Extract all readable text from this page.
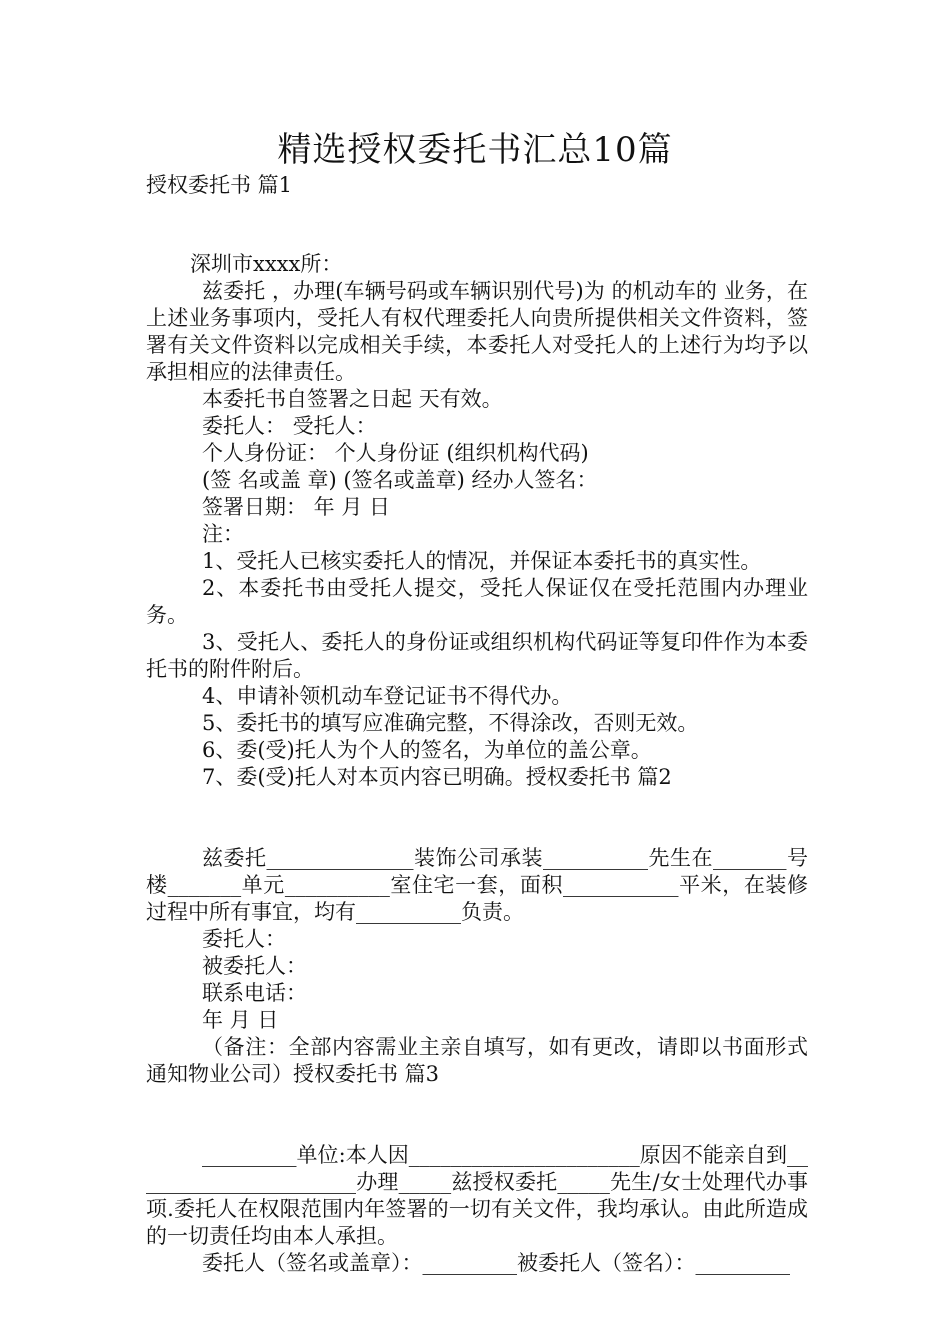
精选授权委托书汇总10篇

授权委托书 篇1

深圳市xxxx所：

兹委托 ，办理(车辆号码或车辆识别代号)为 的机动车的 业务，在上述业务事项内，受托人有权代理委托人向贵所提供相关文件资料，签署有关文件资料以完成相关手续，本委托人对受托人的上述行为均予以承担相应的法律责任。

本委托书自签署之日起 天有效。

委托人： 受托人：

个人身份证： 个人身份证 (组织机构代码)

(签 名或盖 章) (签名或盖章) 经办人签名：

签署日期： 年 月 日

注：

1、受托人已核实委托人的情况，并保证本委托书的真实性。

2、本委托书由受托人提交，受托人保证仅在受托范围内办理业务。

3、受托人、委托人的身份证或组织机构代码证等复印件作为本委托书的附件附后。

4、申请补领机动车登记证书不得代办。

5、委托书的填写应准确完整，不得涂改，否则无效。

6、委(受)托人为个人的签名，为单位的盖公章。

7、委(受)托人对本页内容已明确。授权委托书 篇2

兹委托______________装饰公司承装__________先生在_______号楼_______单元__________室住宅一套，面积___________平米，在装修过程中所有事宜，均有__________负责。

委托人：

被委托人：

联系电话：

年 月 日

（备注：全部内容需业主亲自填写，如有更改，请即以书面形式通知物业公司）授权委托书 篇3

_________单位:本人因______________________原因不能亲自到______________________办理_____兹授权委托_____先生/女士处理代办事项.委托人在权限范围内年签署的一切有关文件，我均承认。由此所造成的一切责任均由本人承担。

委托人（签名或盖章）：_________被委托人（签名）：_________
